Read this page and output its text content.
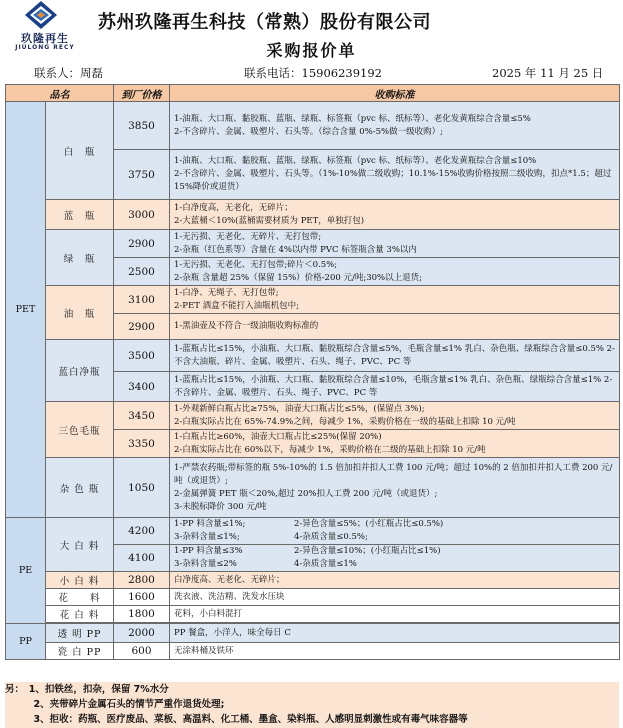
玖隆再生
JIULONG RECY
苏州玖隆再生科技（常熟）股份有限公司
采购报价单
联系人：周磊	联系电话：15906239192	2025 年 11 月 25 日
品名		到厂价格	收购标准
PET	白　瓶	3850	1-油瓶、大口瓶、黏胶瓶、蓝瓶、绿瓶、标签瓶（pvc 标、纸标等）、老化发黄瓶综合含量≤5%
2-不含碎片、金属、吸塑片、石头等。（综合含量 0%-5%做一级收购）;

		3750	1-油瓶、大口瓶、黏胶瓶、蓝瓶、绿瓶、标签瓶（pvc 标、纸标等）、老化发黄瓶综合含量≤10%
2-不含碎片、金属、吸塑片、石头等。（1%-10%做二级收购；10.1%-15%收购价格按照二级收购，扣点*1.5；超过 15%降价或退货）

	蓝　瓶	3000	1-白净度高，无老化，无碎片；
2-大蓝桶＜10%(蓝桶需要材质为 PET，单独打包)

	绿　瓶	2900	1-无污损、无老化、无碎片、无打包带;
2-杂瓶（红色系等）含量在 4%以内带 PVC 标签瓶含量 3%以内

		2500	1-无污损、无老化、无打包带;碎片＜0.5%;
2-杂瓶 含量超 25%（保留 15%）价格-200 元/吨;30%以上退货;

	油　瓶	3100	1-白净、无绳子、无打包带;
2-PET 酒盒不能打入油瓶机包中;

		2900	1-黑油壶及不符合一级油瓶收购标准的

	蓝白净瓶	3500	1-蓝瓶占比≤15%，小油瓶、大口瓶、黏胶瓶综合含量≤5%，毛瓶含量≤1% 乳白、杂色瓶、绿瓶综合含量≤0.5% 2-不含大油瓶、碎片、金属、吸塑片、石头、绳子、PVC、PC 等

		3400	1-蓝瓶占比≤15%，小油瓶、大口瓶、黏胶瓶综合含量≤10%，毛瓶含量≤1% 乳白、杂色瓶、绿瓶综合含量≤1% 2-不含碎片、金属、吸塑片、石头、绳子、PVC、PC 等

	三色毛瓶	3450	1-外观新鲜白瓶占比≥75%，油壶大口瓶占比≤5%，(保留点 3%);
2-白瓶实际占比在 65%-74.9%之间，每减少 1%，采购价格在一级的基础上扣除 10 元/吨

		3350	1-白瓶占比≥60%，油壶大口瓶占比≤25%(保留 20%)
2-白瓶实际占比在 60%以下，每减少 1%，采购价格在二级的基础上扣除 10 元/吨

	杂 色 瓶	1050	1-严禁农药瓶;带标签的瓶 5%-10%的 1.5 倍加扣并扣人工费 100 元/吨；超过 10%的 2 倍加扣并扣人工费 200 元/吨（或退货）;
2-金属弹簧 PET 瓶＜20%,超过 20%扣人工费 200 元/吨（或退货）;
3-未脱标降价 300 元/吨
PE	大 白 料	4200	1-PP 料含量≤1%; 2-异色含量≤5%；(小红瓶占比≤0.5%)
3-杂料含量≤1%; 4-杂质含量≤0.5%;

		4100	1-PP 料含量≤3% 2-异色含量≤10%；(小红瓶占比≤1%)
3-杂料含量≤2% 4-杂质含量≤1%

	小 白 料	2800	白净度高、无老化、无碎片；
	花　　料	1600	洗衣液、洗洁精、洗发水压块
	花 白 料	1800	花料，小白料混打

PP	透 明 PP	2000	PP 餐盒，小洋人，味全每日 C
	瓷 白 PP	600	无涂料桶及铁环
另：　1、扣铁丝，扣杂，保留 7%水分
　　　2、夹带碎片金属石头的情节严重作退货处理;
　　　3、拒收：药瓶、医疗废品、菜板、高温料、化工桶、墨盒、染料瓶、人感明显刺激性或有毒气味容器等
